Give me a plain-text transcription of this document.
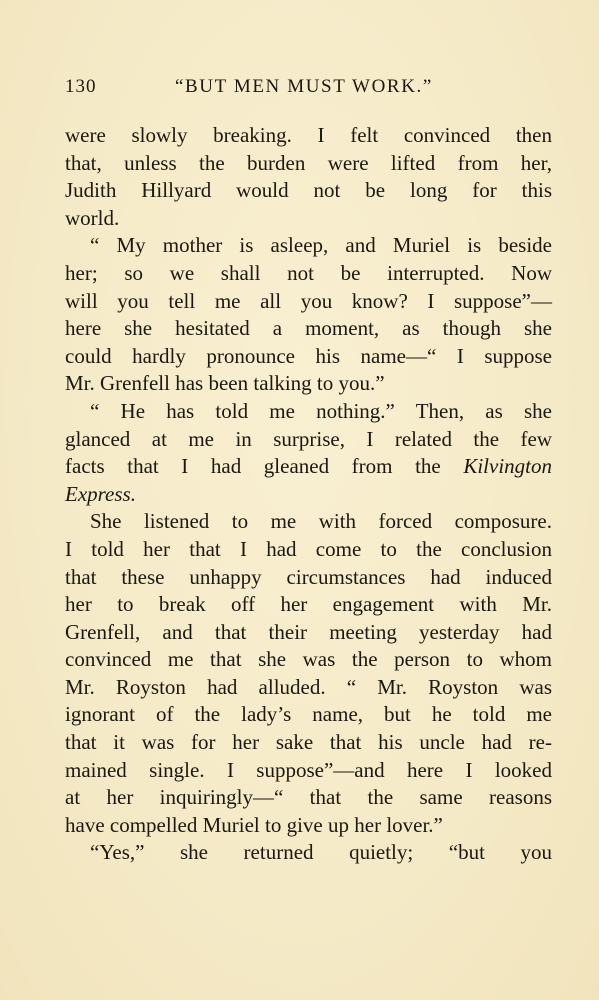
130	“BUT MEN MUST WORK.”
were slowly breaking. I felt convinced then
that, unless the burden were lifted from her,
Judith Hillyard would not be long for this
world.
“ My mother is asleep, and Muriel is beside
her; so we shall not be interrupted. Now
will you tell me all you know? I suppose”—
here she hesitated a moment, as though she
could hardly pronounce his name—“ I suppose
Mr. Grenfell has been talking to you.”
“ He has told me nothing.” Then, as she
glanced at me in surprise, I related the few
facts that I had gleaned from the Kilvington
Express.
She listened to me with forced composure.
I told her that I had come to the conclusion
that these unhappy circumstances had induced
her to break off her engagement with Mr.
Grenfell, and that their meeting yesterday had
convinced me that she was the person to whom
Mr. Royston had alluded. “ Mr. Royston was
ignorant of the lady’s name, but he told me
that it was for her sake that his uncle had re-
mained single. I suppose”—and here I looked
at her inquiringly—“ that the same reasons
have compelled Muriel to give up her lover.”
“Yes,” she returned quietly; “but you
